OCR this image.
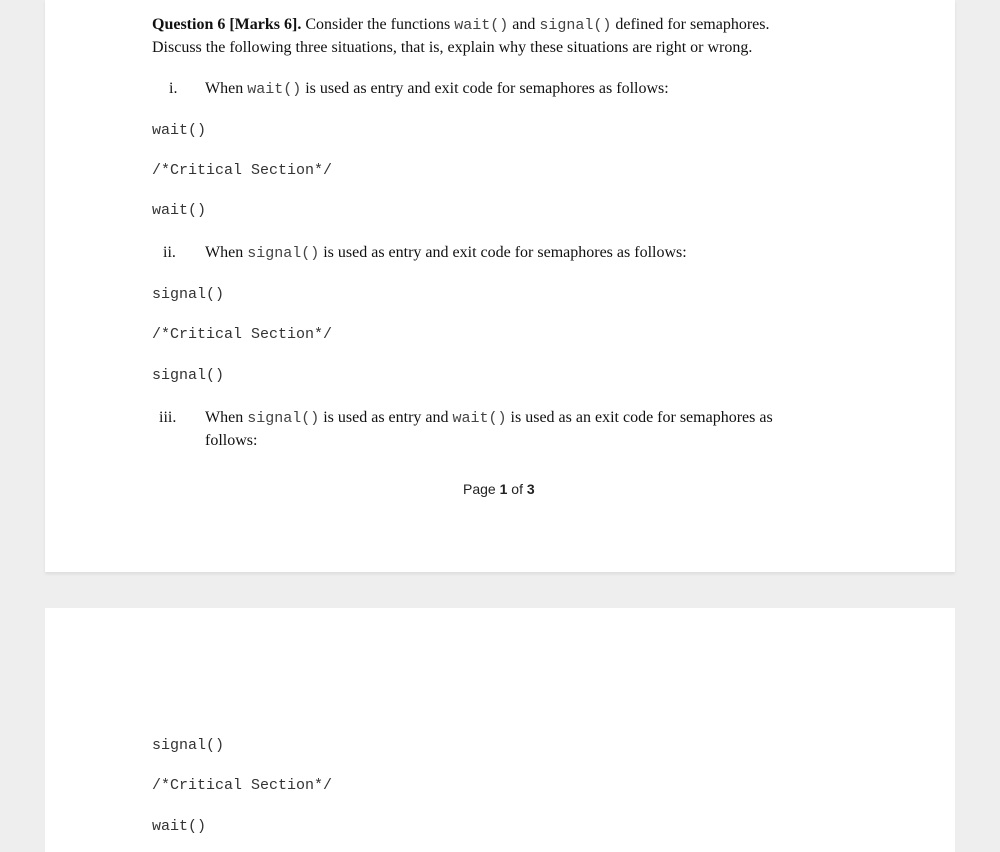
Question 6 [Marks 6]. Consider the functions wait() and signal() defined for semaphores.
Discuss the following three situations, that is, explain why these situations are right or wrong.
i. When wait() is used as entry and exit code for semaphores as follows:
wait()
/*Critical Section*/
wait()
ii. When signal() is used as entry and exit code for semaphores as follows:
signal()
/*Critical Section*/
signal()
iii. When signal() is used as entry and wait() is used as an exit code for semaphores as
follows:
Page 1 of 3
signal()
/*Critical Section*/
wait()
